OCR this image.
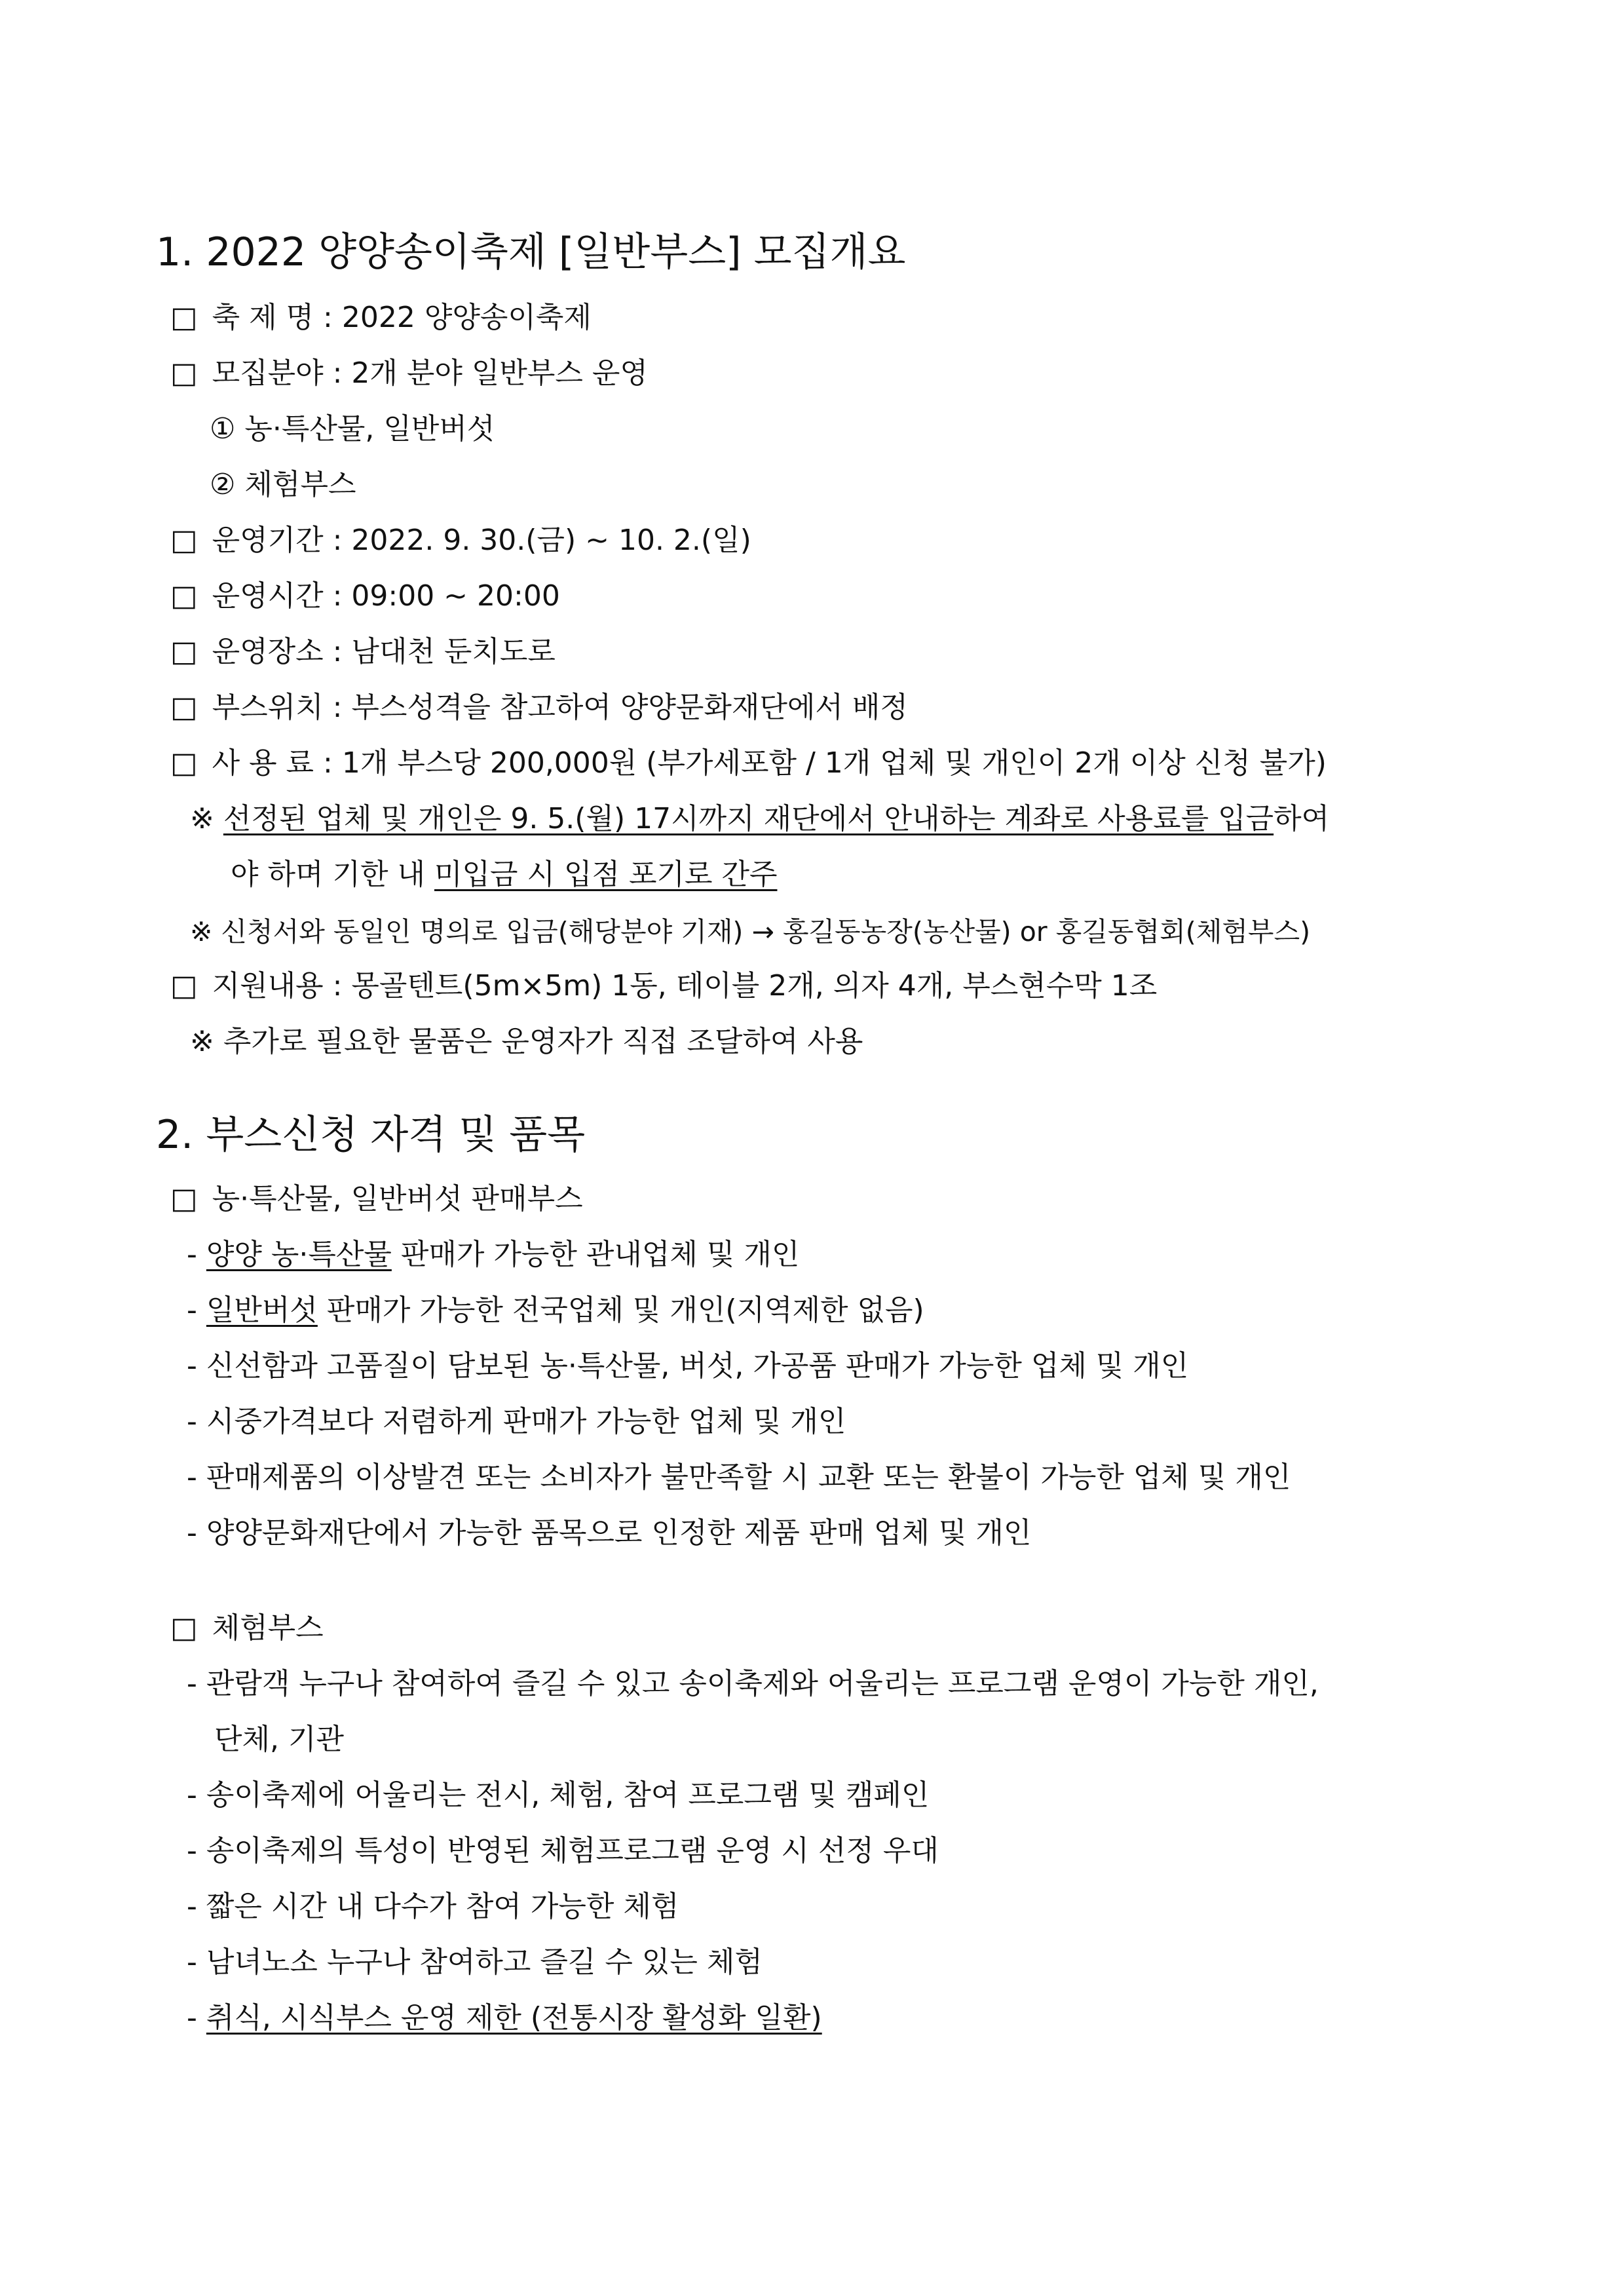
1. 2022 양양송이축제 [일반부스] 모집개요
□ 축 제 명 : 2022 양양송이축제
□ 모집분야 : 2개 분야 일반부스 운영
① 농·특산물, 일반버섯
② 체험부스
□ 운영기간 : 2022. 9. 30.(금) ~ 10. 2.(일)
□ 운영시간 : 09:00 ~ 20:00
□ 운영장소 : 남대천 둔치도로
□ 부스위치 : 부스성격을 참고하여 양양문화재단에서 배정
□ 사 용 료 : 1개 부스당 200,000원 (부가세포함 / 1개 업체 및 개인이 2개 이상 신청 불가)
※ 선정된 업체 및 개인은 9. 5.(월) 17시까지 재단에서 안내하는 계좌로 사용료를 입금하여
야 하며 기한 내 미입금 시 입점 포기로 간주
※ 신청서와 동일인 명의로 입금(해당분야 기재) → 홍길동농장(농산물) or 홍길동협회(체험부스)
□ 지원내용 : 몽골텐트(5m×5m) 1동, 테이블 2개, 의자 4개, 부스현수막 1조
※ 추가로 필요한 물품은 운영자가 직접 조달하여 사용
2. 부스신청 자격 및 품목
□ 농·특산물, 일반버섯 판매부스
- 양양 농·특산물 판매가 가능한 관내업체 및 개인
- 일반버섯 판매가 가능한 전국업체 및 개인(지역제한 없음)
- 신선함과 고품질이 담보된 농·특산물, 버섯, 가공품 판매가 가능한 업체 및 개인
- 시중가격보다 저렴하게 판매가 가능한 업체 및 개인
- 판매제품의 이상발견 또는 소비자가 불만족할 시 교환 또는 환불이 가능한 업체 및 개인
- 양양문화재단에서 가능한 품목으로 인정한 제품 판매 업체 및 개인
□ 체험부스
- 관람객 누구나 참여하여 즐길 수 있고 송이축제와 어울리는 프로그램 운영이 가능한 개인,
단체, 기관
- 송이축제에 어울리는 전시, 체험, 참여 프로그램 및 캠페인
- 송이축제의 특성이 반영된 체험프로그램 운영 시 선정 우대
- 짧은 시간 내 다수가 참여 가능한 체험
- 남녀노소 누구나 참여하고 즐길 수 있는 체험
- 취식, 시식부스 운영 제한 (전통시장 활성화 일환)
